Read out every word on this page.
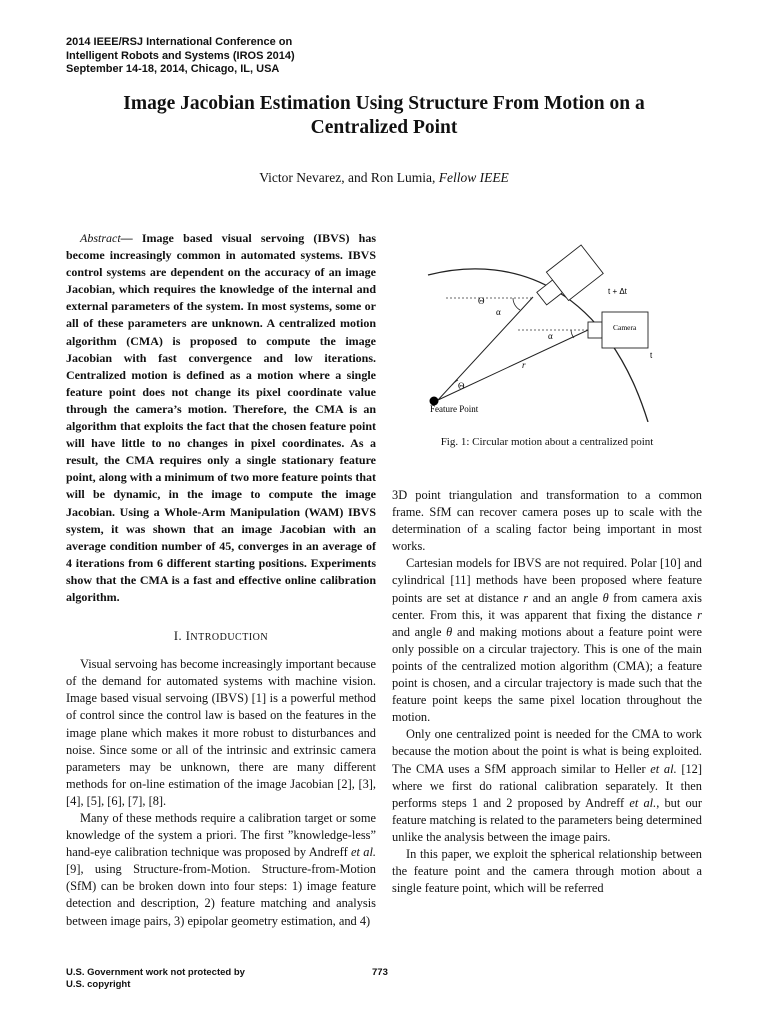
2014 IEEE/RSJ International Conference on
Intelligent Robots and Systems (IROS 2014)
September 14-18, 2014, Chicago, IL, USA
Image Jacobian Estimation Using Structure From Motion on a
Centralized Point
Victor Nevarez, and Ron Lumia, Fellow IEEE

Abstract— Image based visual servoing (IBVS) has become increasingly common in automated systems. IBVS control systems are dependent on the accuracy of an image Jacobian, which requires the knowledge of the internal and external parameters of the system. In most systems, some or all of these parameters are unknown. A centralized motion algorithm (CMA) is proposed to compute the image Jacobian with fast convergence and low iterations. Centralized motion is defined as a motion where a single feature point does not change its pixel coordinate value through the camera’s motion. Therefore, the CMA is an algorithm that exploits the fact that the chosen feature point will have little to no changes in pixel coordinates. As a result, the CMA requires only a single stationary feature point, along with a minimum of two more feature points that will be dynamic, in the image to compute the image Jacobian. Using a Whole-Arm Manipulation (WAM) IBVS system, it was shown that an image Jacobian with an average condition number of 45, converges in an average of 4 iterations from 6 different starting positions. Experiments show that the CMA is a fast and effective online calibration algorithm.

I. INTRODUCTION

Visual servoing has become increasingly important because of the demand for automated systems with machine vision. Image based visual servoing (IBVS) [1] is a powerful method of control since the control law is based on the features in the image plane which makes it more robust to disturbances and noise. Since some or all of the intrinsic and extrinsic camera parameters may be unknown, there are many different methods for on-line estimation of the image Jacobian [2], [3], [4], [5], [6], [7], [8].

Many of these methods require a calibration target or some knowledge of the system a priori. The first ”knowledge-less” hand-eye calibration technique was proposed by Andreff et al. [9], using Structure-from-Motion. Structure-from-Motion (SfM) can be broken down into four steps: 1) image feature detection and description, 2) feature matching and analysis between image pairs, 3) epipolar geometry estimation, and 4)

Camera
t + Δt
t
Θ
α
α
r
Θ
Feature Point
Fig. 1: Circular motion about a centralized point

3D point triangulation and transformation to a common frame. SfM can recover camera poses up to scale with the determination of a scaling factor being important in most works.

Cartesian models for IBVS are not required. Polar [10] and cylindrical [11] methods have been proposed where feature points are set at distance r and an angle θ from camera axis center. From this, it was apparent that fixing the distance r and angle θ and making motions about a feature point were only possible on a circular trajectory. This is one of the main points of the centralized motion algorithm (CMA); a feature point is chosen, and a circular trajectory is made such that the feature point keeps the same pixel location throughout the motion.

Only one centralized point is needed for the CMA to work because the motion about the point is what is being exploited. The CMA uses a SfM approach similar to Heller et al. [12] where we first do rational calibration separately. It then performs steps 1 and 2 proposed by Andreff et al., but our feature matching is related to the parameters being determined unlike the analysis between the image pairs.

In this paper, we exploit the spherical relationship between the feature point and the camera through motion about a single feature point, which will be referred

U.S. Government work not protected by
U.S. copyright
773
